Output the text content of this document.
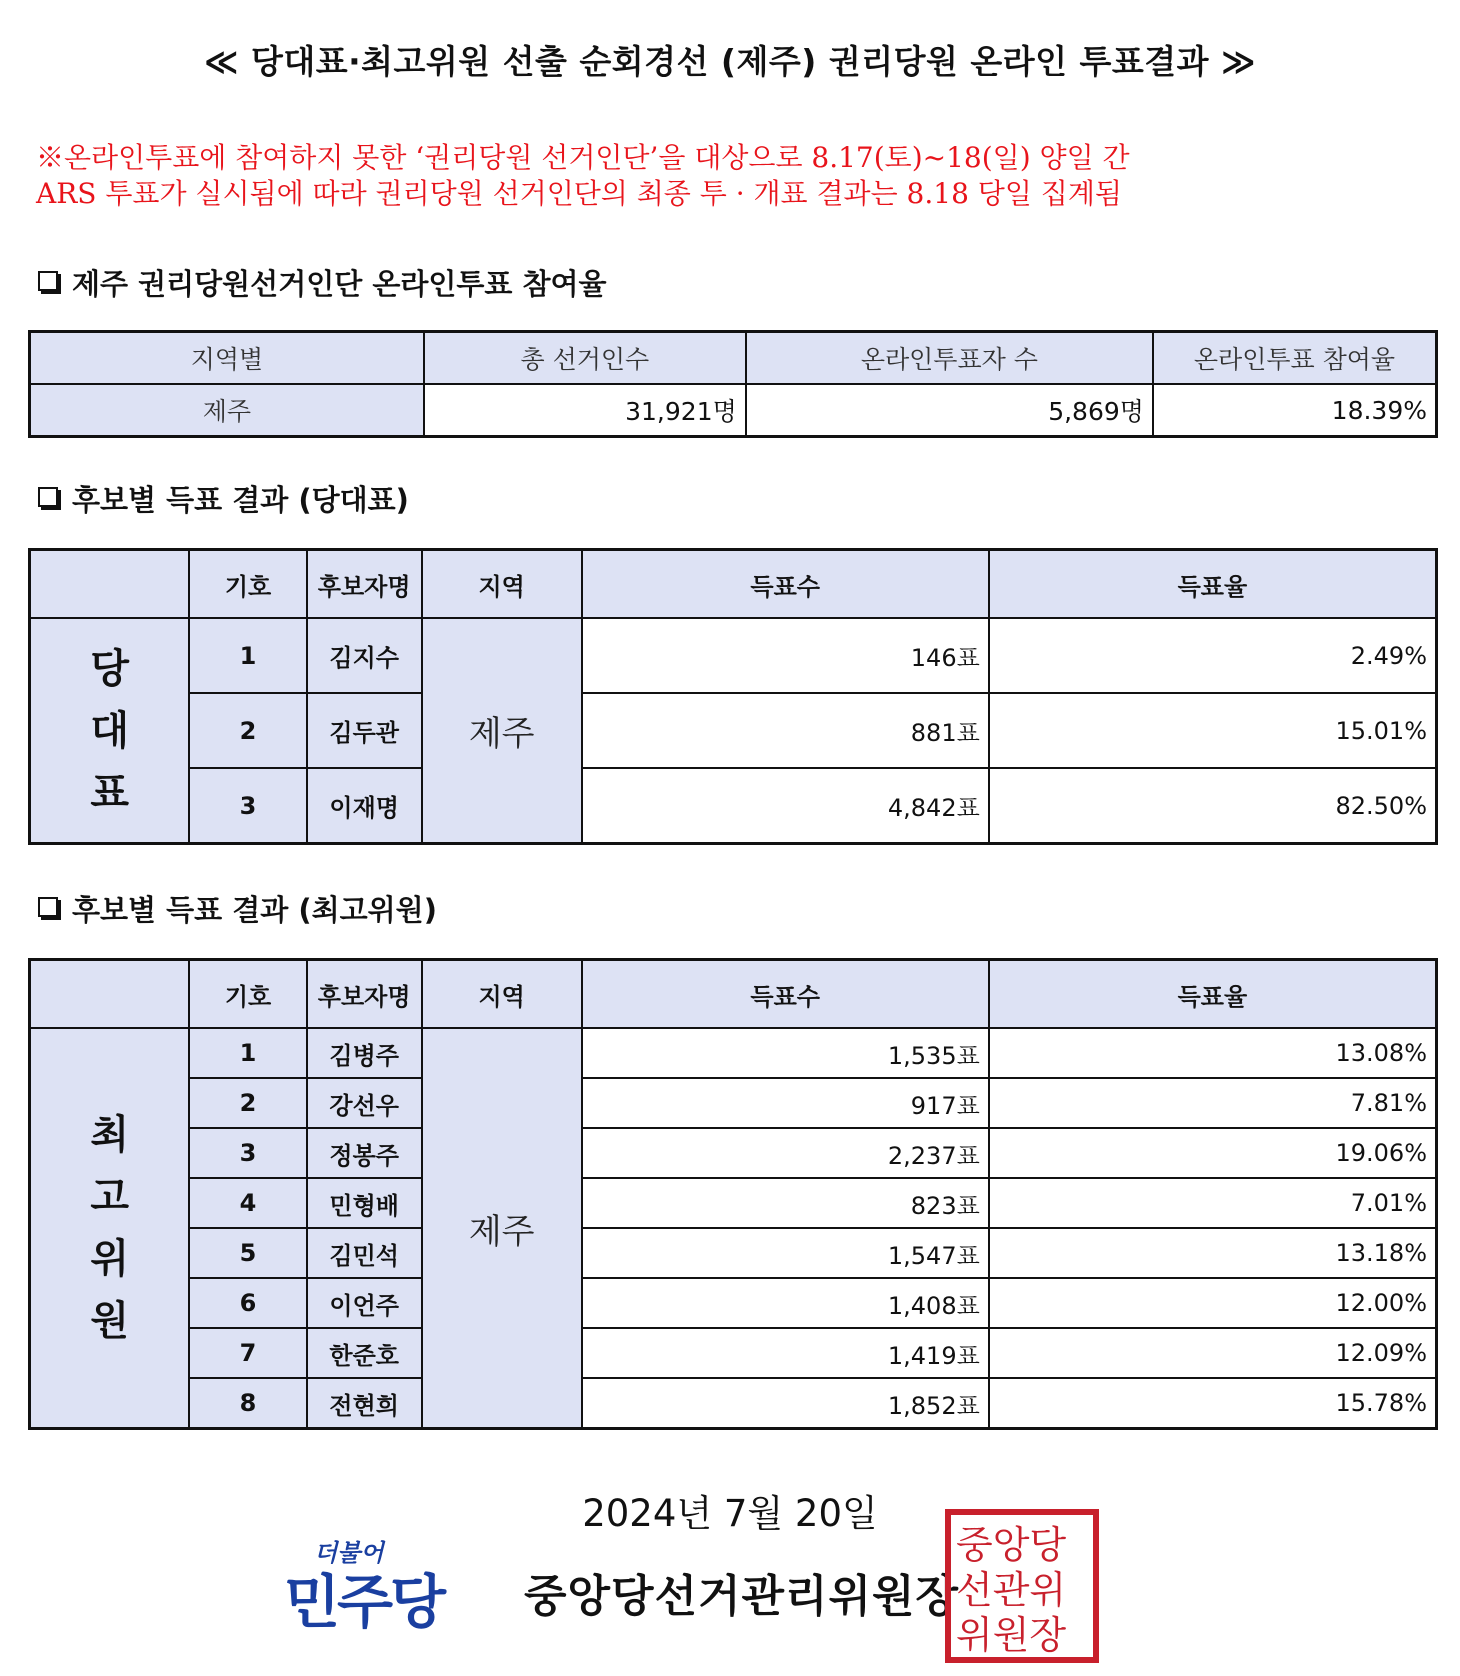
≪ 당대표·최고위원 선출 순회경선 (제주) 권리당원 온라인 투표결과 ≫
※온라인투표에 참여하지 못한 ‘권리당원 선거인단’을 대상으로 8.17(토)~18(일) 양일 간
ARS 투표가 실시됨에 따라 권리당원 선거인단의 최종 투 · 개표 결과는 8.18 당일 집계됨
제주 권리당원선거인단 온라인투표 참여율
지역별	총 선거인수	온라인투표자 수	온라인투표 참여율
제주	31,921명	5,869명	18.39%
후보별 득표 결과 (당대표)
	기호	후보자명	지역	득표수	득표율
당대표	1	김지수	제주	146표	2.49%
	2	김두관		881표	15.01%
	3	이재명		4,842표	82.50%
후보별 득표 결과 (최고위원)
	기호	후보자명	지역	득표수	득표율
최고위원	1	김병주	제주	1,535표	13.08%
	2	강선우		917표	7.81%
	3	정봉주		2,237표	19.06%
	4	민형배		823표	7.01%
	5	김민석		1,547표	13.18%
	6	이언주		1,408표	12.00%
	7	한준호		1,419표	12.09%
	8	전현희		1,852표	15.78%
2024년 7월 20일
더불어
민주당 중앙당선거관리위원장
중앙당
선관위
위원장
